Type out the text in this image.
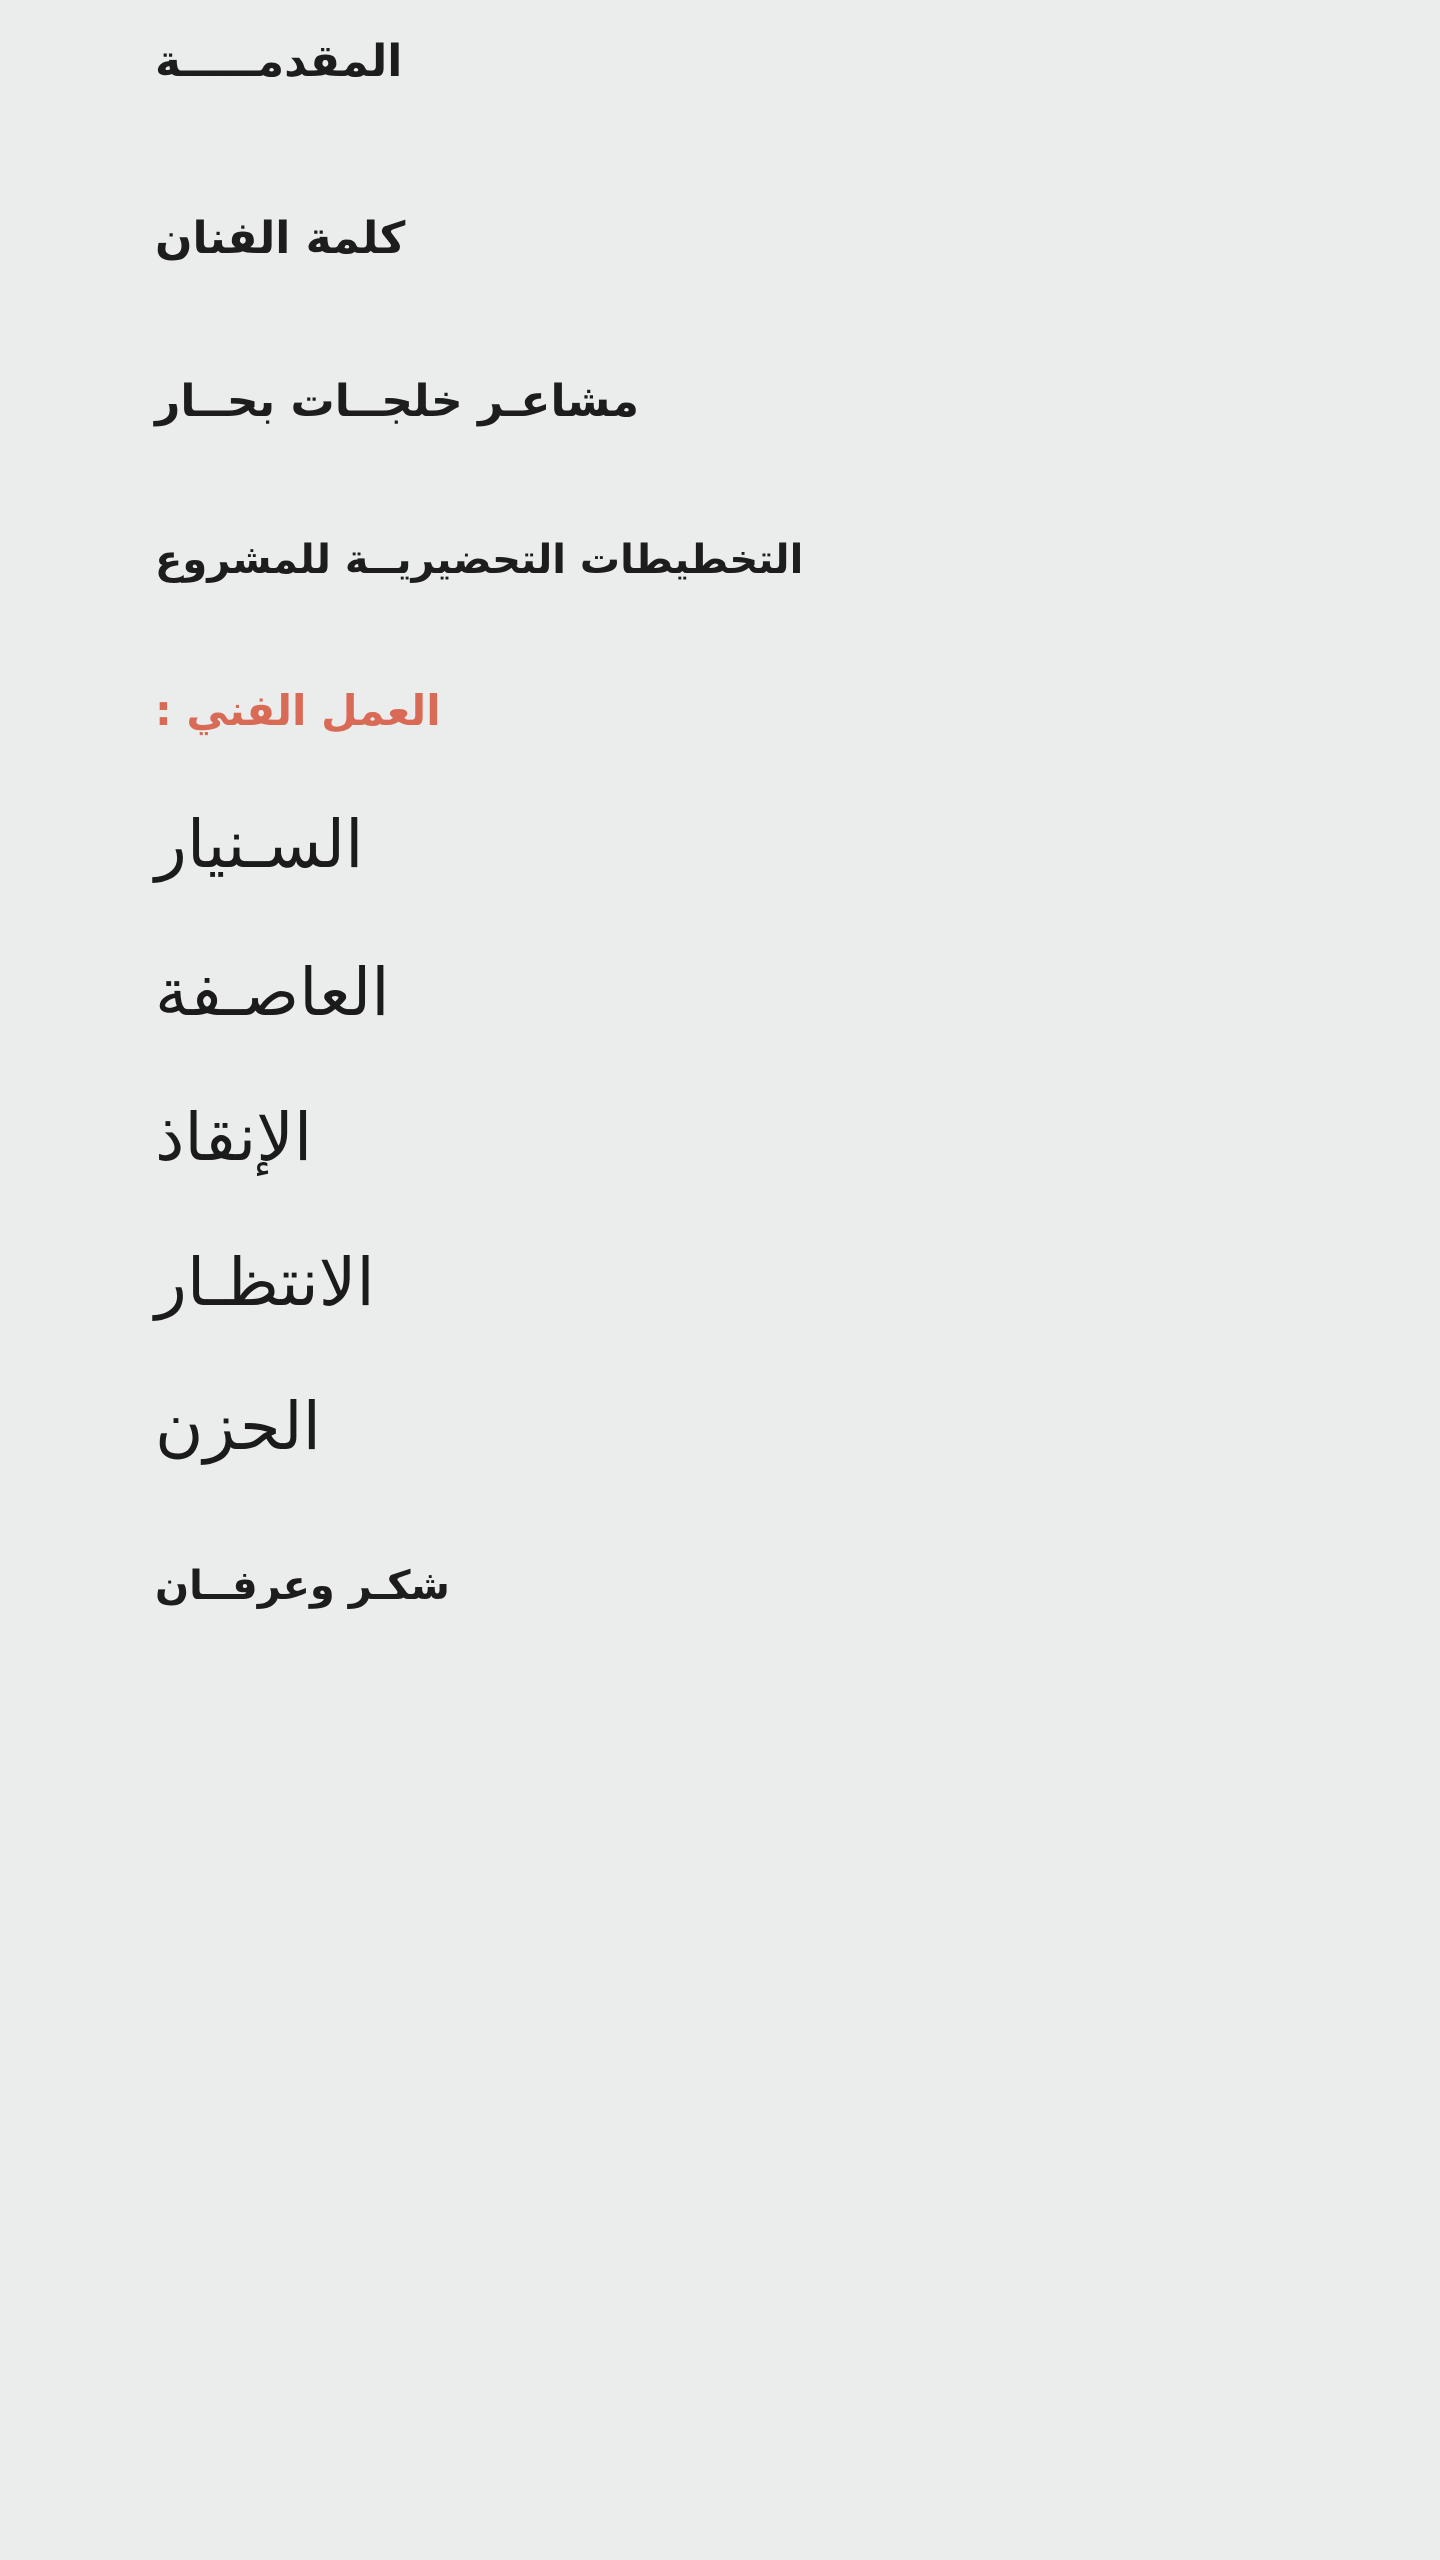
المقدمـــــة
كلمة الفنان
مشاعـر خلجــات بحــار
التخطيطات التحضيريــة للمشروع
العمل الفني :
السـنيار
العاصـفة
الإنقاذ
الانتظـار
الحزن
شكـر وعرفــان
